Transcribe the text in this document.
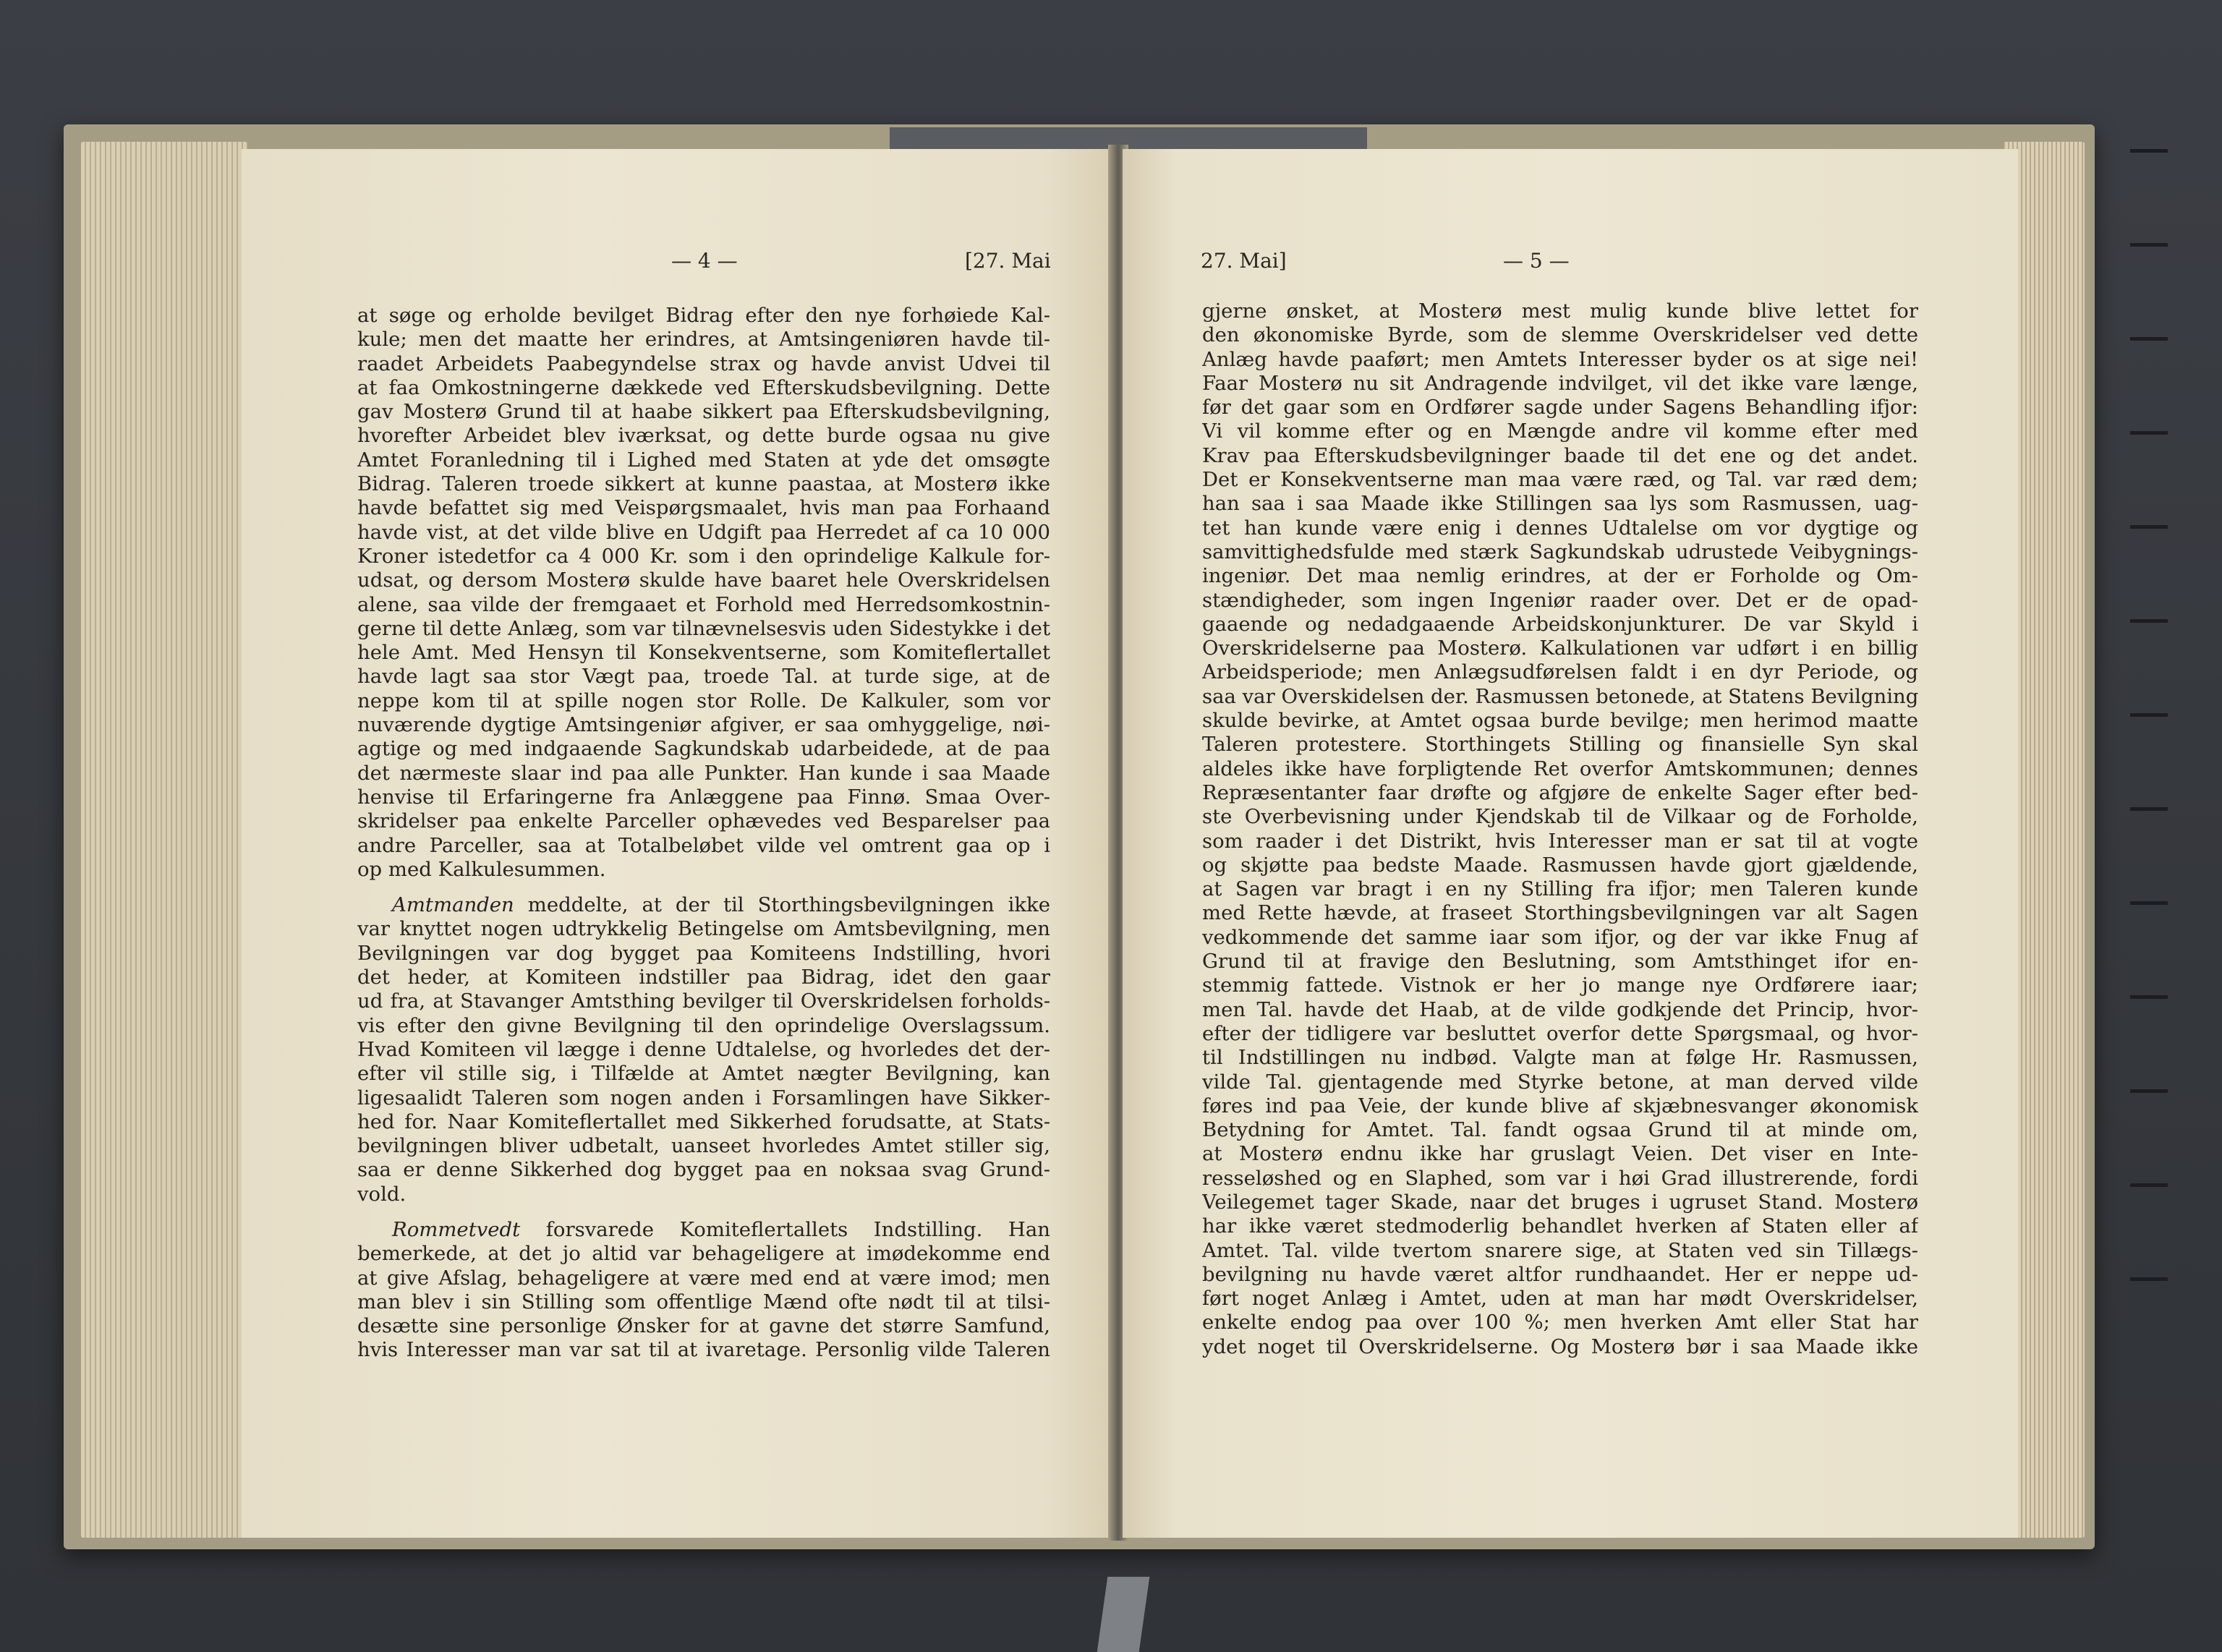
— 4 —	[27. Mai
at søge og erholde bevilget Bidrag efter den nye forhøiede Kal-
kule; men det maatte her erindres, at Amtsingeniøren havde til-
raadet Arbeidets Paabegyndelse strax og havde anvist Udvei til
at faa Omkostningerne dækkede ved Efterskudsbevilgning. Dette
gav Mosterø Grund til at haabe sikkert paa Efterskudsbevilgning,
hvorefter Arbeidet blev iværksat, og dette burde ogsaa nu give
Amtet Foranledning til i Lighed med Staten at yde det omsøgte
Bidrag. Taleren troede sikkert at kunne paastaa, at Mosterø ikke
havde befattet sig med Veispørgsmaalet, hvis man paa Forhaand
havde vist, at det vilde blive en Udgift paa Herredet af ca 10 000
Kroner istedetfor ca 4 000 Kr. som i den oprindelige Kalkule for-
udsat, og dersom Mosterø skulde have baaret hele Overskridelsen
alene, saa vilde der fremgaaet et Forhold med Herredsomkostnin-
gerne til dette Anlæg, som var tilnævnelsesvis uden Sidestykke i det
hele Amt. Med Hensyn til Konsekventserne, som Komiteflertallet
havde lagt saa stor Vægt paa, troede Tal. at turde sige, at de
neppe kom til at spille nogen stor Rolle. De Kalkuler, som vor
nuværende dygtige Amtsingeniør afgiver, er saa omhyggelige, nøi-
agtige og med indgaaende Sagkundskab udarbeidede, at de paa
det nærmeste slaar ind paa alle Punkter. Han kunde i saa Maade
henvise til Erfaringerne fra Anlæggene paa Finnø. Smaa Over-
skridelser paa enkelte Parceller ophævedes ved Besparelser paa
andre Parceller, saa at Totalbeløbet vilde vel omtrent gaa op i
op med Kalkulesummen.
Amtmanden meddelte, at der til Storthingsbevilgningen ikke
var knyttet nogen udtrykkelig Betingelse om Amtsbevilgning, men
Bevilgningen var dog bygget paa Komiteens Indstilling, hvori
det heder, at Komiteen indstiller paa Bidrag, idet den gaar
ud fra, at Stavanger Amtsthing bevilger til Overskridelsen forholds-
vis efter den givne Bevilgning til den oprindelige Overslagssum.
Hvad Komiteen vil lægge i denne Udtalelse, og hvorledes det der-
efter vil stille sig, i Tilfælde at Amtet nægter Bevilgning, kan
ligesaalidt Taleren som nogen anden i Forsamlingen have Sikker-
hed for. Naar Komiteflertallet med Sikkerhed forudsatte, at Stats-
bevilgningen bliver udbetalt, uanseet hvorledes Amtet stiller sig,
saa er denne Sikkerhed dog bygget paa en noksaa svag Grund-
vold.
Rommetvedt forsvarede Komiteflertallets Indstilling. Han
bemerkede, at det jo altid var behageligere at imødekomme end
at give Afslag, behageligere at være med end at være imod; men
man blev i sin Stilling som offentlige Mænd ofte nødt til at tilsi-
desætte sine personlige Ønsker for at gavne det større Samfund,
hvis Interesser man var sat til at ivaretage. Personlig vilde Taleren
27. Mai]	— 5 —
gjerne ønsket, at Mosterø mest mulig kunde blive lettet for
den økonomiske Byrde, som de slemme Overskridelser ved dette
Anlæg havde paaført; men Amtets Interesser byder os at sige nei!
Faar Mosterø nu sit Andragende indvilget, vil det ikke vare længe,
før det gaar som en Ordfører sagde under Sagens Behandling ifjor:
Vi vil komme efter og en Mængde andre vil komme efter med
Krav paa Efterskudsbevilgninger baade til det ene og det andet.
Det er Konsekventserne man maa være ræd, og Tal. var ræd dem;
han saa i saa Maade ikke Stillingen saa lys som Rasmussen, uag-
tet han kunde være enig i dennes Udtalelse om vor dygtige og
samvittighedsfulde med stærk Sagkundskab udrustede Veibygnings-
ingeniør. Det maa nemlig erindres, at der er Forholde og Om-
stændigheder, som ingen Ingeniør raader over. Det er de opad-
gaaende og nedadgaaende Arbeidskonjunkturer. De var Skyld i
Overskridelserne paa Mosterø. Kalkulationen var udført i en billig
Arbeidsperiode; men Anlægsudførelsen faldt i en dyr Periode, og
saa var Overskidelsen der. Rasmussen betonede, at Statens Bevilgning
skulde bevirke, at Amtet ogsaa burde bevilge; men herimod maatte
Taleren protestere. Storthingets Stilling og finansielle Syn skal
aldeles ikke have forpligtende Ret overfor Amtskommunen; dennes
Repræsentanter faar drøfte og afgjøre de enkelte Sager efter bed-
ste Overbevisning under Kjendskab til de Vilkaar og de Forholde,
som raader i det Distrikt, hvis Interesser man er sat til at vogte
og skjøtte paa bedste Maade. Rasmussen havde gjort gjældende,
at Sagen var bragt i en ny Stilling fra ifjor; men Taleren kunde
med Rette hævde, at fraseet Storthingsbevilgningen var alt Sagen
vedkommende det samme iaar som ifjor, og der var ikke Fnug af
Grund til at fravige den Beslutning, som Amtsthinget ifor en-
stemmig fattede. Vistnok er her jo mange nye Ordførere iaar;
men Tal. havde det Haab, at de vilde godkjende det Princip, hvor-
efter der tidligere var besluttet overfor dette Spørgsmaal, og hvor-
til Indstillingen nu indbød. Valgte man at følge Hr. Rasmussen,
vilde Tal. gjentagende med Styrke betone, at man derved vilde
føres ind paa Veie, der kunde blive af skjæbnesvanger økonomisk
Betydning for Amtet. Tal. fandt ogsaa Grund til at minde om,
at Mosterø endnu ikke har gruslagt Veien. Det viser en Inte-
resseløshed og en Slaphed, som var i høi Grad illustrerende, fordi
Veilegemet tager Skade, naar det bruges i ugruset Stand. Mosterø
har ikke været stedmoderlig behandlet hverken af Staten eller af
Amtet. Tal. vilde tvertom snarere sige, at Staten ved sin Tillægs-
bevilgning nu havde været altfor rundhaandet. Her er neppe ud-
ført noget Anlæg i Amtet, uden at man har mødt Overskridelser,
enkelte endog paa over 100 %; men hverken Amt eller Stat har
ydet noget til Overskridelserne. Og Mosterø bør i saa Maade ikke
